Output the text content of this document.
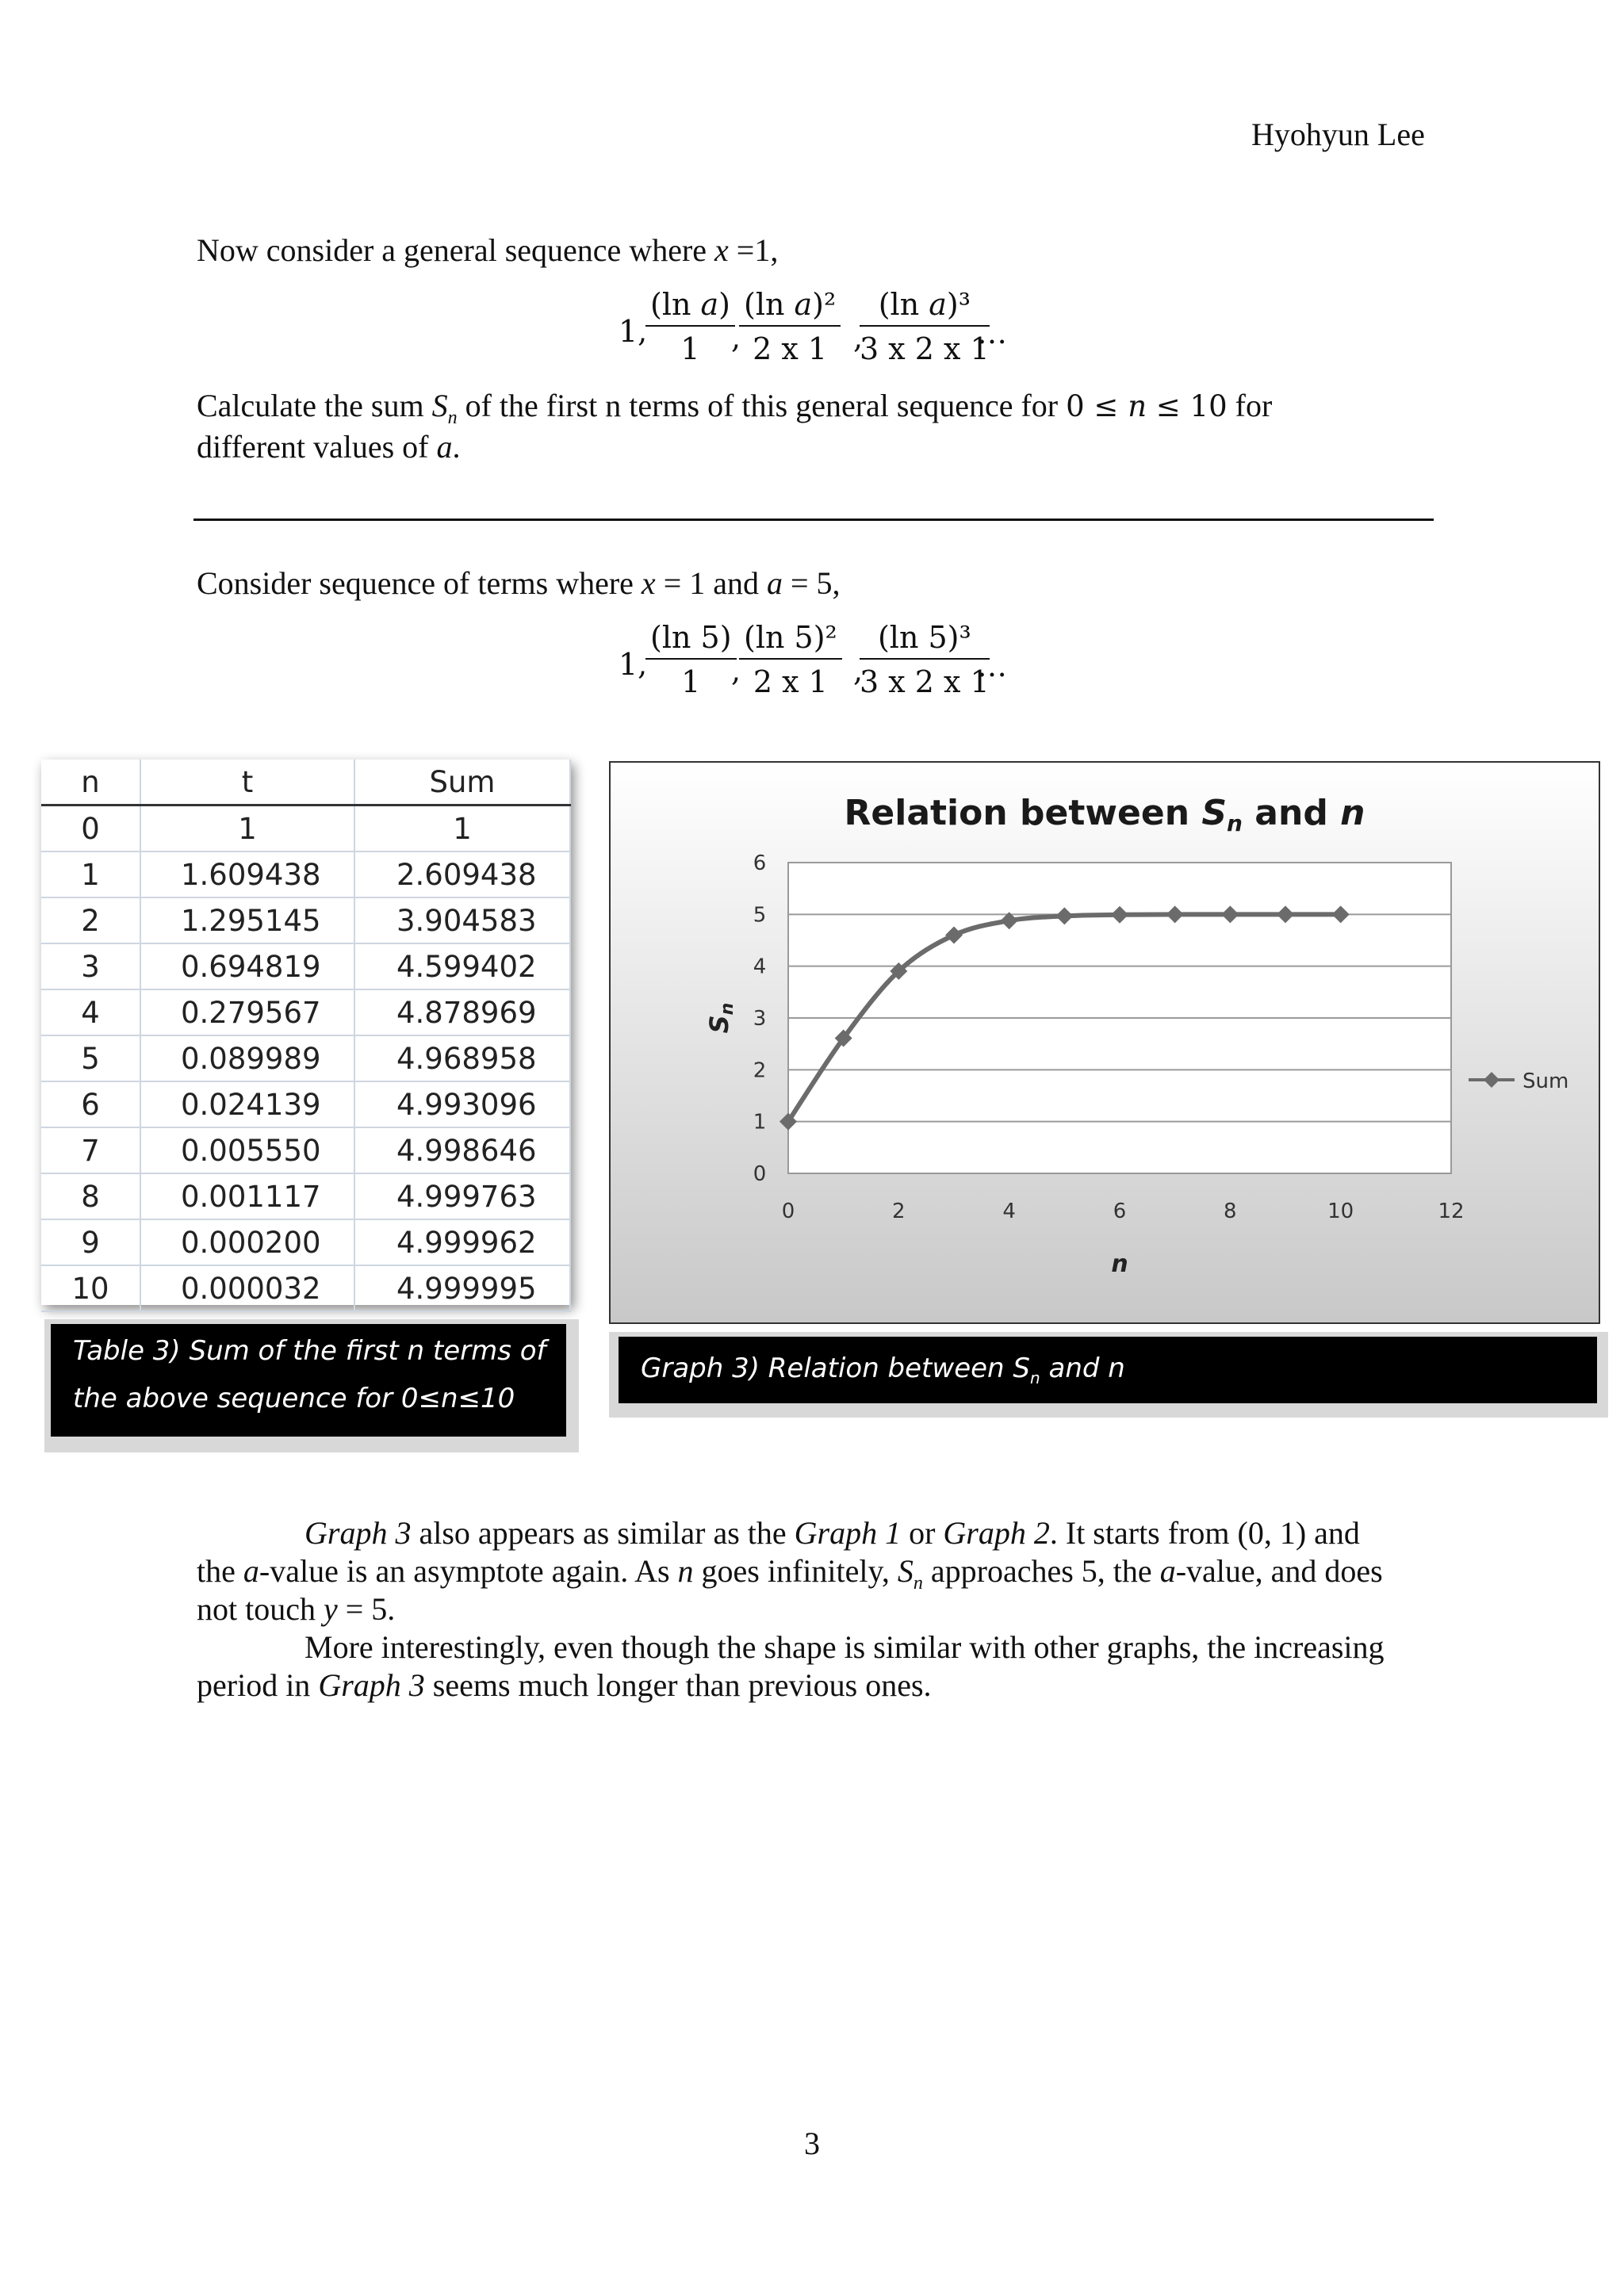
Hyohyun Lee
Now consider a general sequence where x =1,
1,
(ln 𝑎)
1	,
(ln 𝑎)²
2 x 1 ,
(ln 𝑎)³
3 x 2 x 1
…
Calculate the sum $S_n$ of the first n terms of this general sequence for 0 ≤ 𝑛 ≤ 10 for
different values of a.
Consider sequence of terms where x = 1 and a = 5,
1,
$\frac{(\ln 5)}{1}$
,
$\frac{\text{(ln 5)²}}{2 x 1}$ ,
$\frac{\text{(ln 5)³}}{3 x 2 x 1}$
…
n	t	Sum
0	1	1
1	1.609438	2.609438
2	1.295145	3.904583
3	0.694819	4.599402
4	0.279567	4.878969
5	0.089989	4.968958
6	0.024139	4.993096
7	0.005550	4.998646
8	0.001117	4.999763
9	0.000200	4.999962
10	0.000032	4.999995
Table 3) Sum of the first n terms of
the above sequence for 0≤n≤10
Relation between Sn and n
0
1
2
3
4
5
6
0	2	4	6	8	10	12
n
Sn
Sum
Graph 3) Relation between $S_n$ and n
Graph 3 also appears as similar as the Graph 1 or Graph 2. It starts from (0, 1) and
the a-value is an asymptote again. As n goes infinitely, $S_n$ approaches 5, the a-value, and does
not touch y = 5.
More interestingly, even though the shape is similar with other graphs, the increasing
period in Graph 3 seems much longer than previous ones.
3
